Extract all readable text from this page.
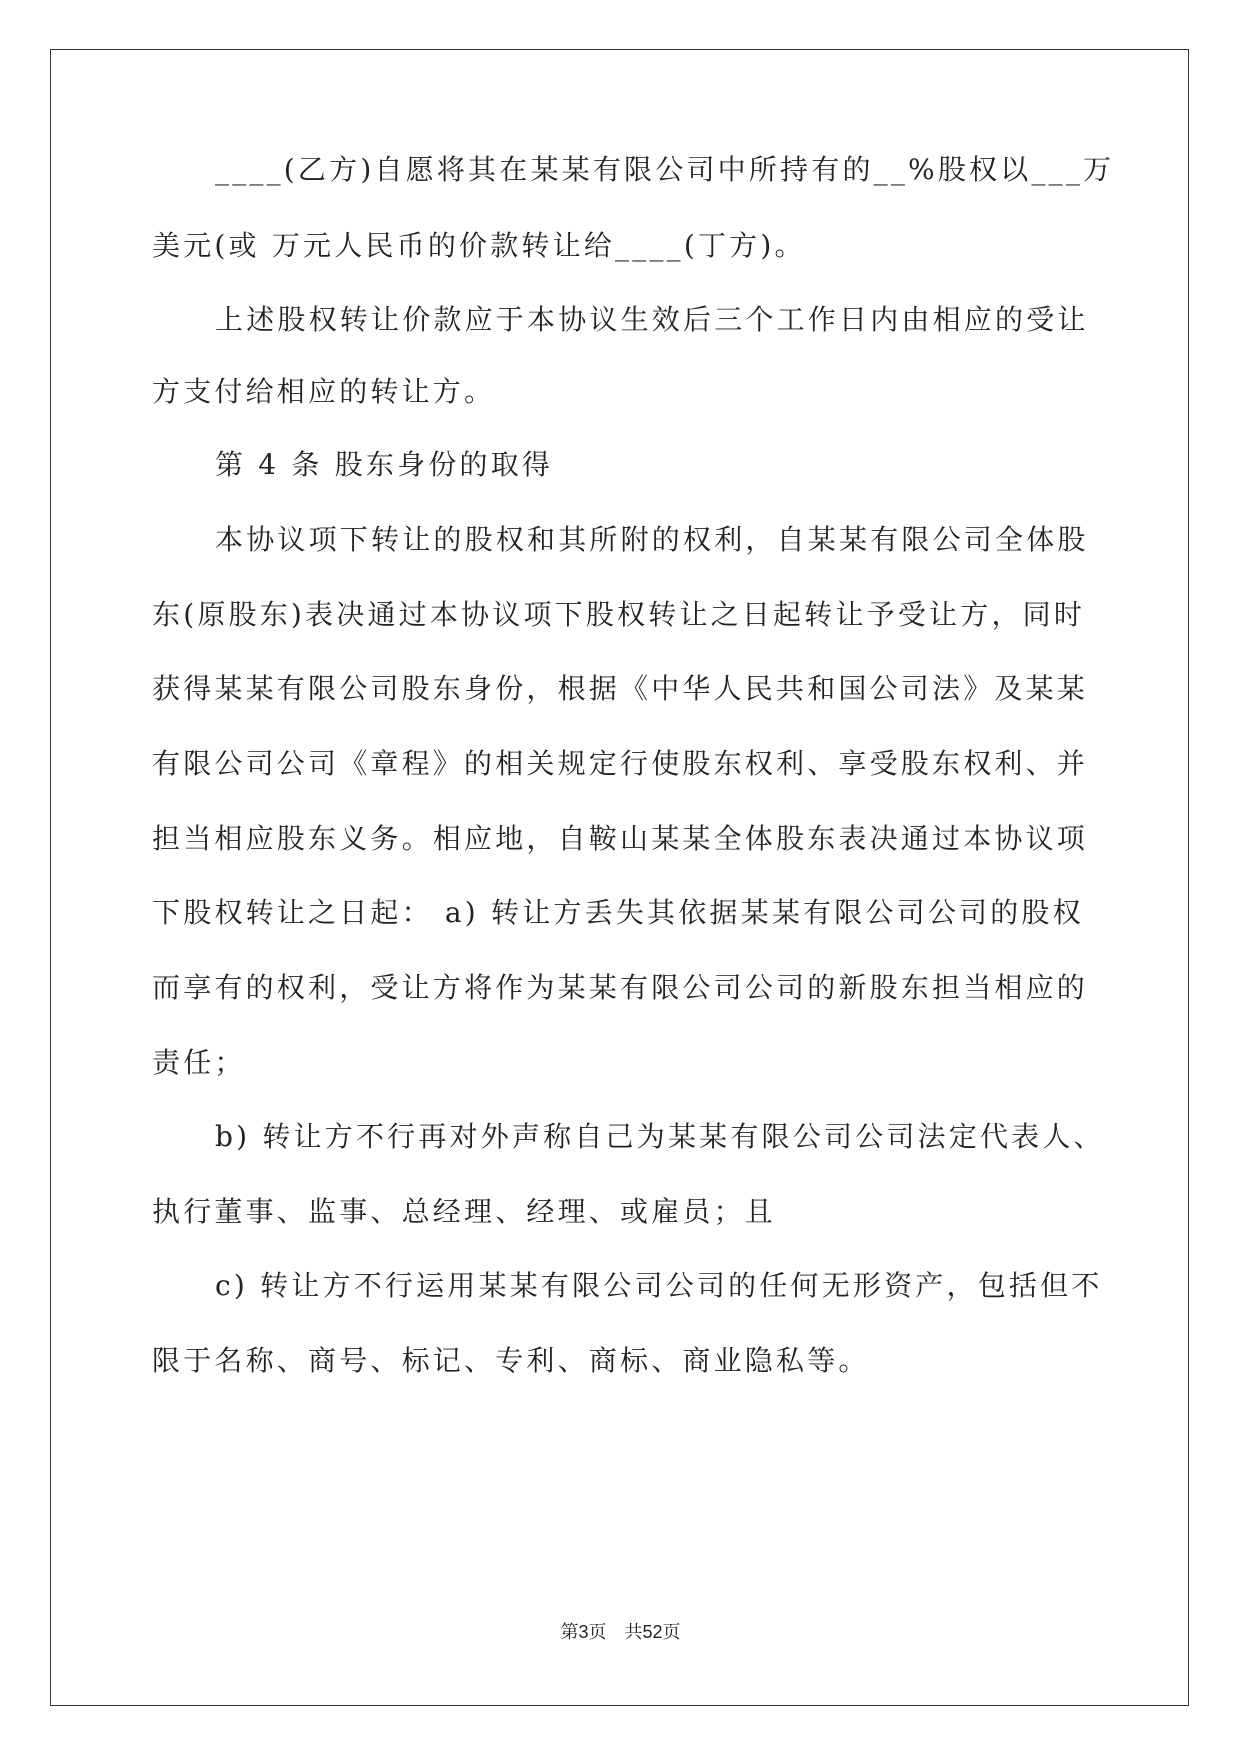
____(乙方)自愿将其在某某有限公司中所持有的__%股权以___万
美元(或 万元人民币的价款转让给____(丁方)。
上述股权转让价款应于本协议生效后三个工作日内由相应的受让
方支付给相应的转让方。
第 4 条 股东身份的取得
本协议项下转让的股权和其所附的权利，自某某有限公司全体股
东(原股东)表决通过本协议项下股权转让之日起转让予受让方，同时
获得某某有限公司股东身份，根据《中华人民共和国公司法》及某某
有限公司公司《章程》的相关规定行使股东权利、享受股东权利、并
担当相应股东义务。相应地，自鞍山某某全体股东表决通过本协议项
下股权转让之日起： a) 转让方丢失其依据某某有限公司公司的股权
而享有的权利，受让方将作为某某有限公司公司的新股东担当相应的
责任；
b) 转让方不行再对外声称自己为某某有限公司公司法定代表人、
执行董事、监事、总经理、经理、或雇员；且
c) 转让方不行运用某某有限公司公司的任何无形资产，包括但不
限于名称、商号、标记、专利、商标、商业隐私等。
第3页 共52页
